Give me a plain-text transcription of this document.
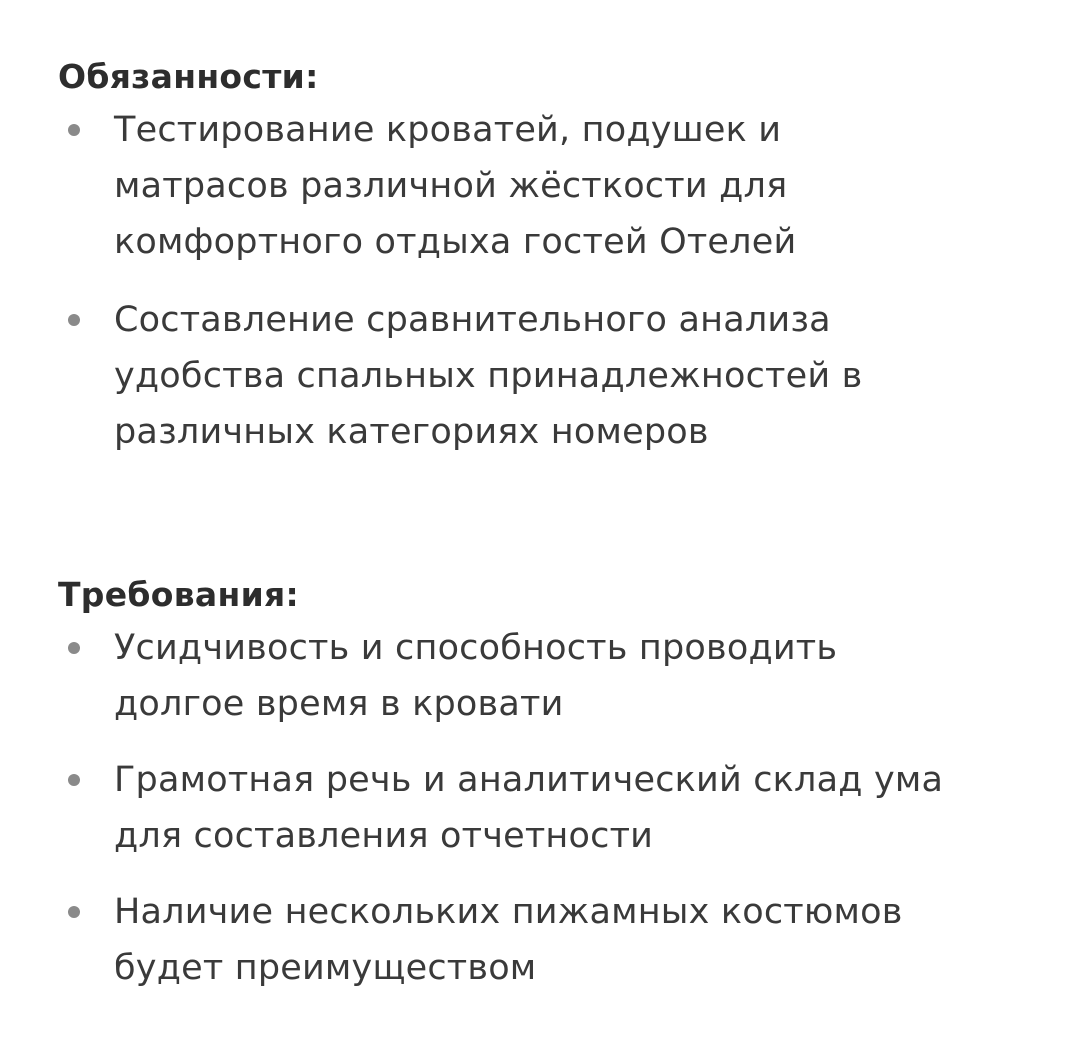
Обязанности:
Тестирование кроватей, подушек и
матрасов различной жёсткости для
комфортного отдыха гостей Отелей
Составление сравнительного анализа
удобства спальных принадлежностей в
различных категориях номеров
Требования:
Усидчивость и способность проводить
долгое время в кровати
Грамотная речь и аналитический склад ума
для составления отчетности
Наличие нескольких пижамных костюмов
будет преимуществом
